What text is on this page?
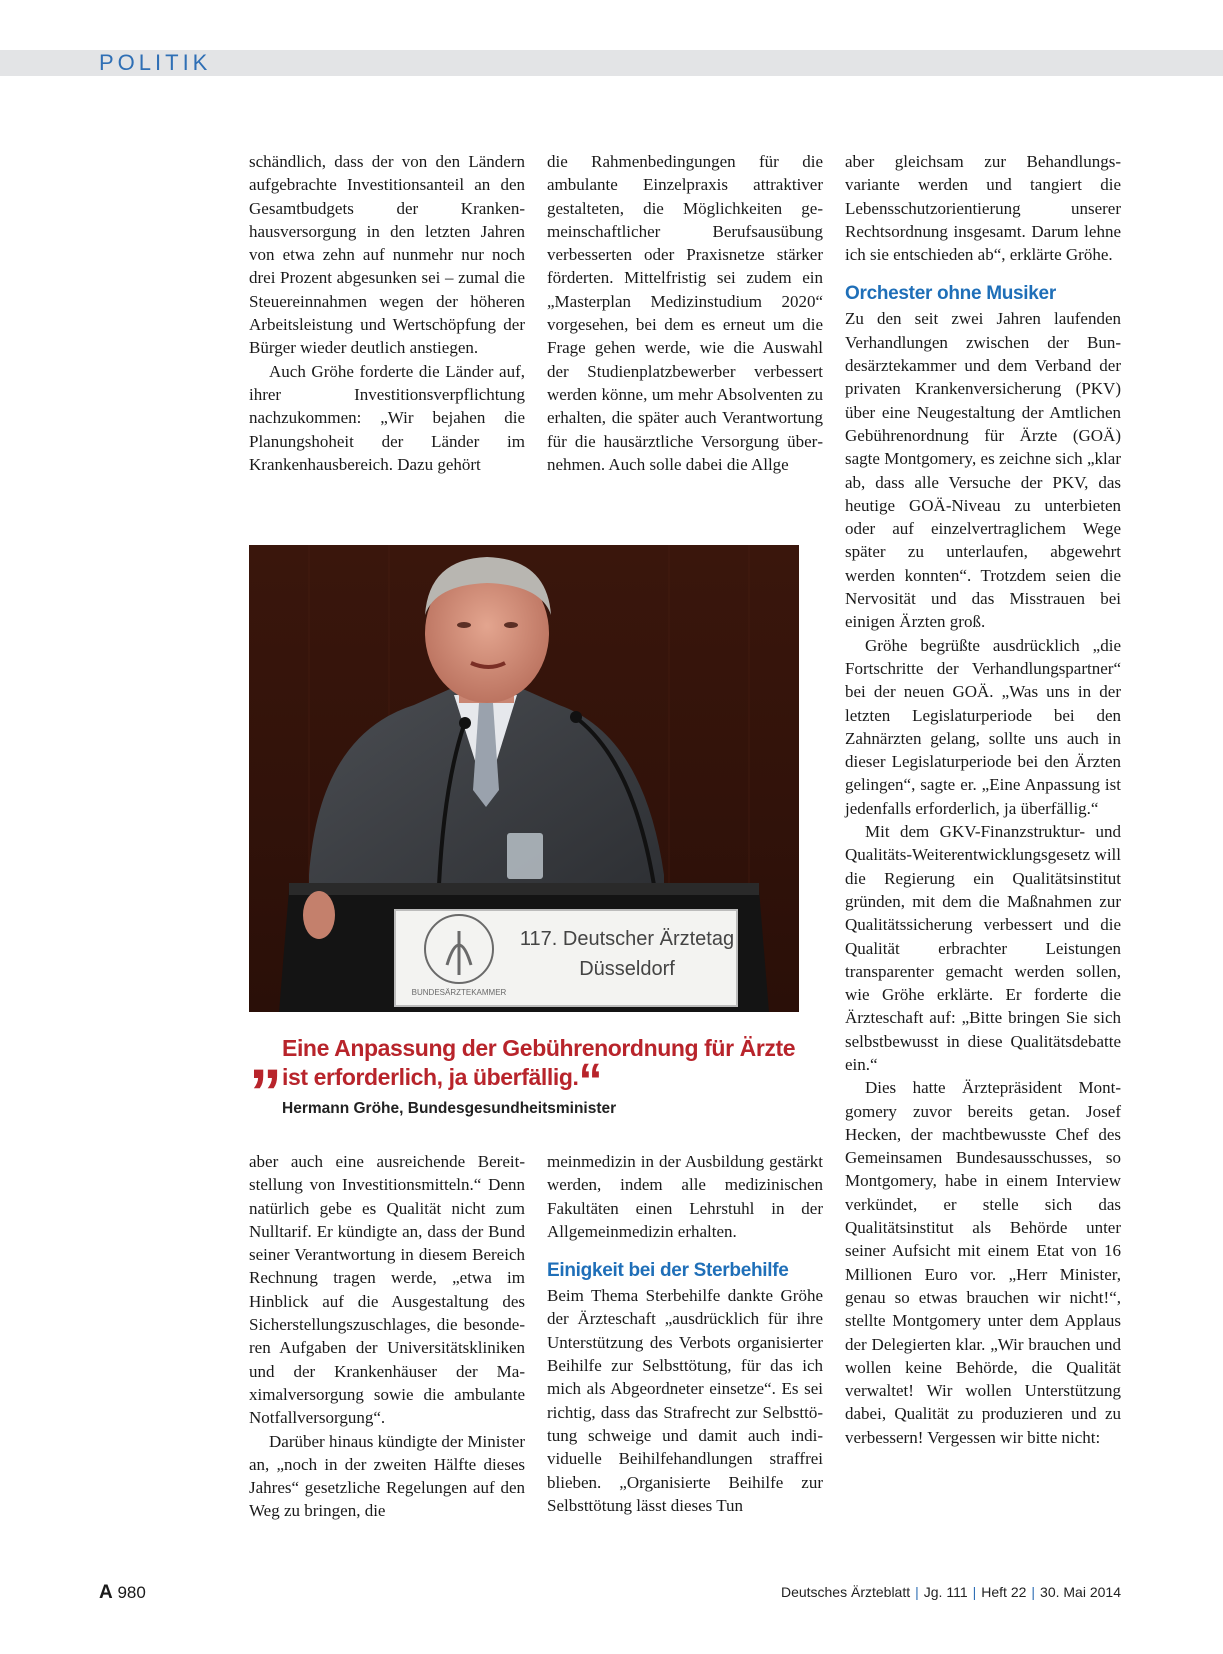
POLITIK

schändlich, dass der von den Ländern aufgebrachte Investitionsanteil an den Gesamtbudgets der Krankenhausversorgung in den letzten Jahren von etwa zehn auf nunmehr nur noch drei Prozent abgesunken sei – zumal die Steuereinnahmen wegen der höheren Arbeitsleistung und Wertschöpfung der Bürger wieder deutlich anstiegen.

Auch Gröhe forderte die Länder auf, ihrer Investitionsverpflichtung nachzukommen: „Wir bejahen die Planungshoheit der Länder im Krankenhausbereich. Dazu gehört

die Rahmenbedingungen für die ambulante Einzelpraxis attraktiver gestalteten, die Möglichkeiten gemeinschaftlicher Berufsausübung verbesserten oder Praxisnetze stärker förderten. Mittelfristig sei zudem ein „Masterplan Medizinstudium 2020“ vorgesehen, bei dem es erneut um die Frage gehen werde, wie die Auswahl der Studienplatzbewerber verbessert werden könne, um mehr Absolventen zu erhalten, die später auch Verantwortung für die hausärztliche Versorgung übernehmen. Auch solle dabei die Allge

aber gleichsam zur Behandlungsvariante werden und tangiert die Lebensschutzorientierung unserer Rechtsordnung insgesamt. Darum lehne ich sie entschieden ab“, erklärte Gröhe.

Orchester ohne Musiker

Zu den seit zwei Jahren laufenden Verhandlungen zwischen der Bundesärztekammer und dem Verband der privaten Krankenversicherung (PKV) über eine Neugestaltung der Amtlichen Gebührenordnung für Ärzte (GOÄ) sagte Montgomery, es zeichne sich „klar ab, dass alle Versuche der PKV, das heutige GOÄ-Niveau zu unterbieten oder auf einzelvertraglichem Wege später zu unterlaufen, abgewehrt werden konnten“. Trotzdem seien die Nervosität und das Misstrauen bei einigen Ärzten groß.

Gröhe begrüßte ausdrücklich „die Fortschritte der Verhandlungspartner“ bei der neuen GOÄ. „Was uns in der letzten Legislaturperiode bei den Zahnärzten gelang, sollte uns auch in dieser Legislaturperiode bei den Ärzten gelingen“, sagte er. „Eine Anpassung ist jedenfalls erforderlich, ja überfällig.“

Mit dem GKV-Finanzstruktur- und Qualitäts-Weiterentwicklungsgesetz will die Regierung ein Qualitätsinstitut gründen, mit dem die Maßnahmen zur Qualitätssicherung verbessert und die Qualität erbrachter Leistungen transparenter gemacht werden sollen, wie Gröhe erklärte. Er forderte die Ärzteschaft auf: „Bitte bringen Sie sich selbstbewusst in diese Qualitätsdebatte ein.“

Dies hatte Ärztepräsident Montgomery zuvor bereits getan. Josef Hecken, der machtbewusste Chef des Gemeinsamen Bundesausschusses, so Montgomery, habe in einem Interview verkündet, er stelle sich das Qualitätsinstitut als Behörde unter seiner Aufsicht mit einem Etat von 16 Millionen Euro vor. „Herr Minister, genau so etwas brauchen wir nicht!“, stellte Montgomery unter dem Applaus der Delegierten klar. „Wir brauchen und wollen keine Behörde, die Qualität verwaltet! Wir wollen Unterstützung dabei, Qualität zu produzieren und zu verbessern! Vergessen wir bitte nicht:

BUNDESÄRZTEKAMMER
117. Deutscher Ärztetag
Düsseldorf
„ Eine Anpassung der Gebührenordnung für Ärzte ist erforderlich, ja überfällig.“
Hermann Gröhe, Bundesgesundheitsminister

aber auch eine ausreichende Bereitstellung von Investitionsmitteln.“ Denn natürlich gebe es Qualität nicht zum Nulltarif. Er kündigte an, dass der Bund seiner Verantwortung in diesem Bereich Rechnung tragen werde, „etwa im Hinblick auf die Ausgestaltung des Sicherstellungszuschlages, die besonderen Aufgaben der Universitätskliniken und der Krankenhäuser der Maximalversorgung sowie die ambulante Notfallversorgung“.

Darüber hinaus kündigte der Minister an, „noch in der zweiten Hälfte dieses Jahres“ gesetzliche Regelungen auf den Weg zu bringen, die

meinmedizin in der Ausbildung gestärkt werden, indem alle medizinischen Fakultäten einen Lehrstuhl in der Allgemeinmedizin erhalten.

Einigkeit bei der Sterbehilfe

Beim Thema Sterbehilfe dankte Gröhe der Ärzteschaft „ausdrücklich für ihre Unterstützung des Verbots organisierter Beihilfe zur Selbsttötung, für das ich mich als Abgeordneter einsetze“. Es sei richtig, dass das Strafrecht zur Selbsttötung schweige und damit auch individuelle Beihilfehandlungen straffrei blieben. „Organisierte Beihilfe zur Selbsttötung lässt dieses Tun

A 980	Deutsches Ärzteblatt | Jg. 111 | Heft 22 | 30. Mai 2014
